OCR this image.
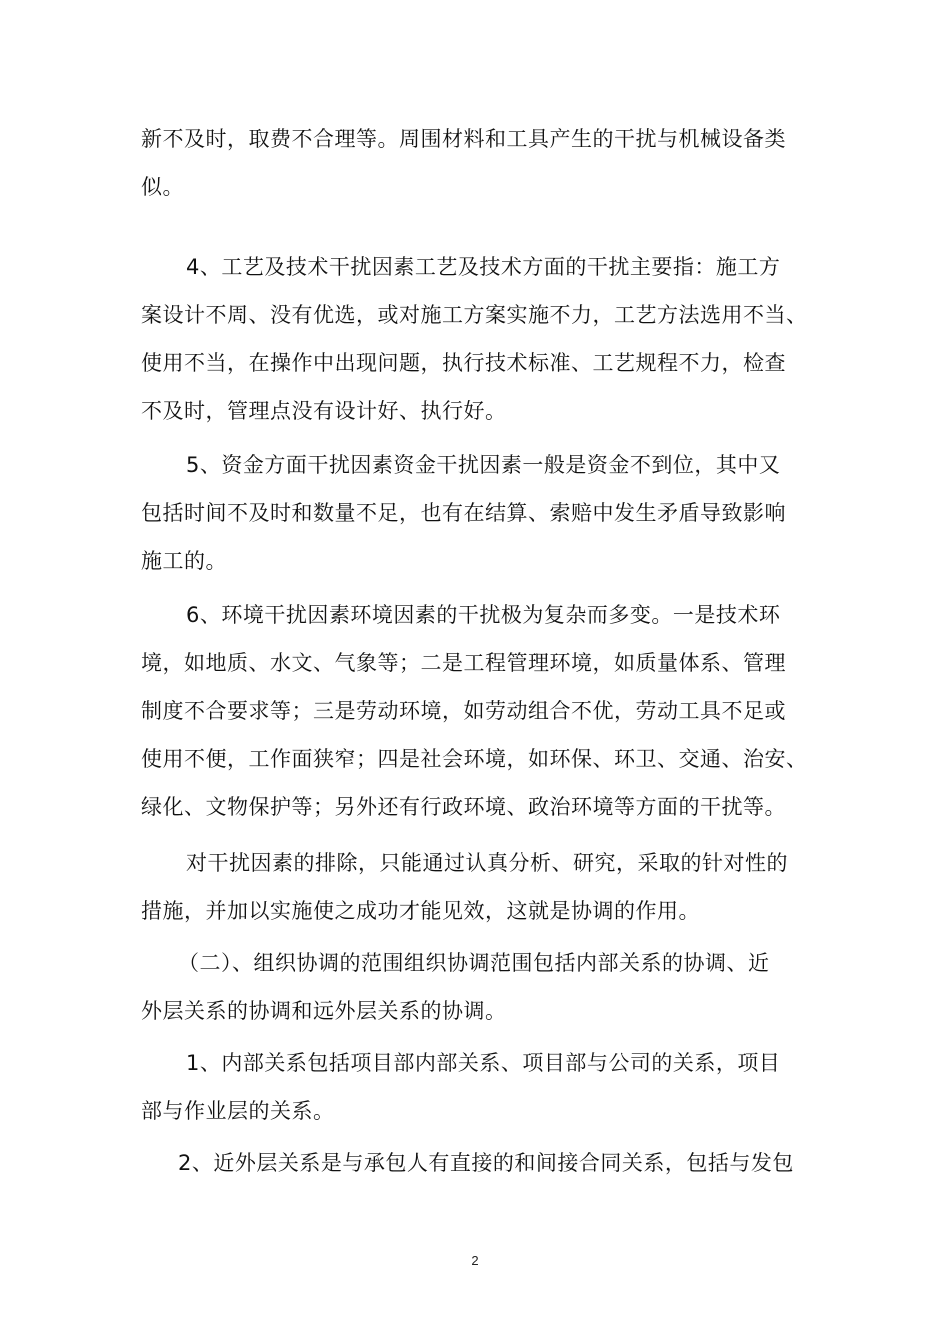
新不及时，取费不合理等。周围材料和工具产生的干扰与机械设备类
似。
4、工艺及技术干扰因素工艺及技术方面的干扰主要指：施工方
案设计不周、没有优选，或对施工方案实施不力，工艺方法选用不当、
使用不当，在操作中出现问题，执行技术标准、工艺规程不力，检查
不及时，管理点没有设计好、执行好。
5、资金方面干扰因素资金干扰因素一般是资金不到位，其中又
包括时间不及时和数量不足，也有在结算、索赔中发生矛盾导致影响
施工的。
6、环境干扰因素环境因素的干扰极为复杂而多变。一是技术环
境，如地质、水文、气象等；二是工程管理环境，如质量体系、管理
制度不合要求等；三是劳动环境，如劳动组合不优，劳动工具不足或
使用不便，工作面狭窄；四是社会环境，如环保、环卫、交通、治安、
绿化、文物保护等；另外还有行政环境、政治环境等方面的干扰等。
对干扰因素的排除，只能通过认真分析、研究，采取的针对性的
措施，并加以实施使之成功才能见效，这就是协调的作用。
（二）、组织协调的范围组织协调范围包括内部关系的协调、近
外层关系的协调和远外层关系的协调。
1、内部关系包括项目部内部关系、项目部与公司的关系，项目
部与作业层的关系。
2、近外层关系是与承包人有直接的和间接合同关系，包括与发包
2
